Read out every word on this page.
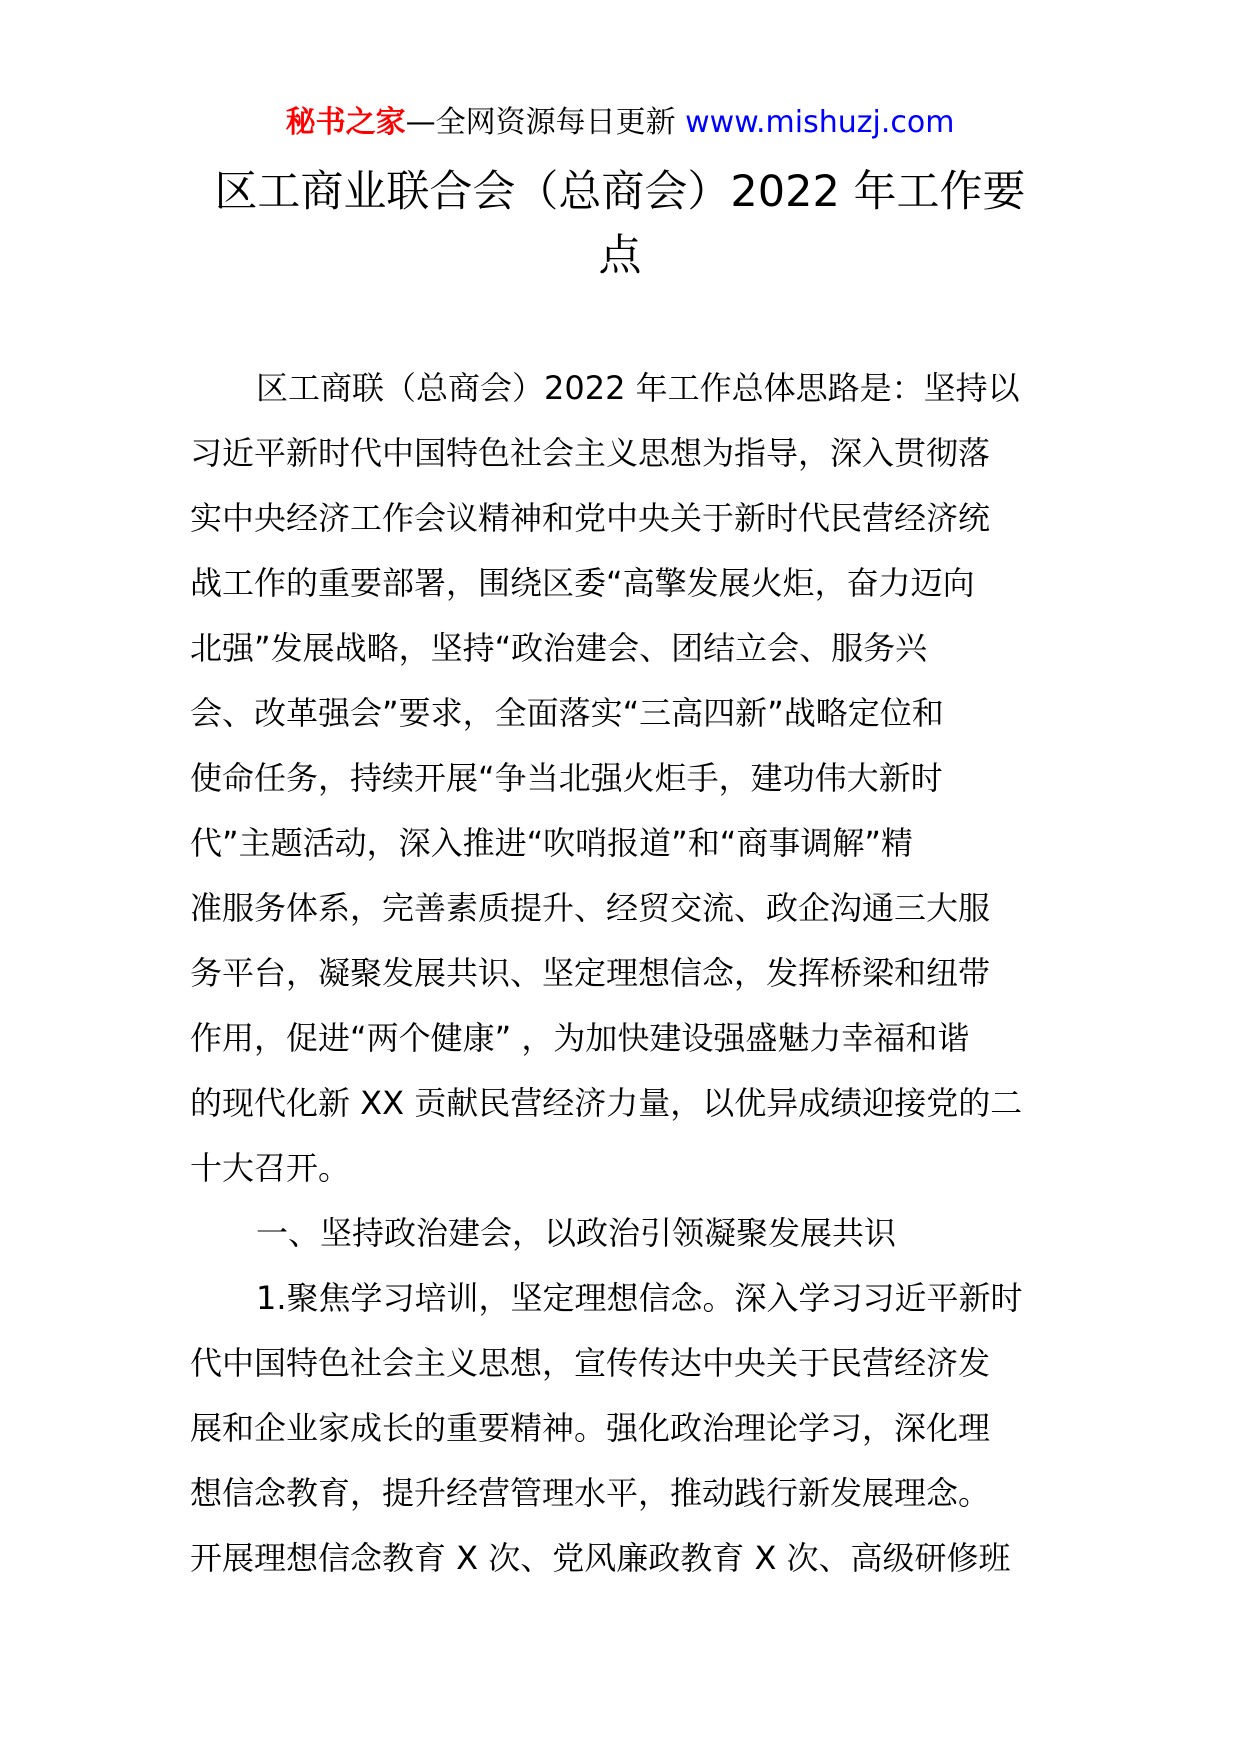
秘书之家—全网资源每日更新 www.mishuzj.com
区工商业联合会（总商会）2022 年工作要
点
区工商联（总商会）2022 年工作总体思路是：坚持以
习近平新时代中国特色社会主义思想为指导，深入贯彻落
实中央经济工作会议精神和党中央关于新时代民营经济统
战工作的重要部署，围绕区委“高擎发展火炬，奋力迈向
北强”发展战略，坚持“政治建会、团结立会、服务兴
会、改革强会”要求，全面落实“三高四新”战略定位和
使命任务，持续开展“争当北强火炬手，建功伟大新时
代”主题活动，深入推进“吹哨报道”和“商事调解”精
准服务体系，完善素质提升、经贸交流、政企沟通三大服
务平台，凝聚发展共识、坚定理想信念，发挥桥梁和纽带
作用，促进“两个健康” ，为加快建设强盛魅力幸福和谐
的现代化新 XX 贡献民营经济力量，以优异成绩迎接党的二
十大召开。
一、坚持政治建会，以政治引领凝聚发展共识
1.聚焦学习培训，坚定理想信念。深入学习习近平新时
代中国特色社会主义思想，宣传传达中央关于民营经济发
展和企业家成长的重要精神。强化政治理论学习，深化理
想信念教育，提升经营管理水平，推动践行新发展理念。
开展理想信念教育 X 次、党风廉政教育 X 次、高级研修班
